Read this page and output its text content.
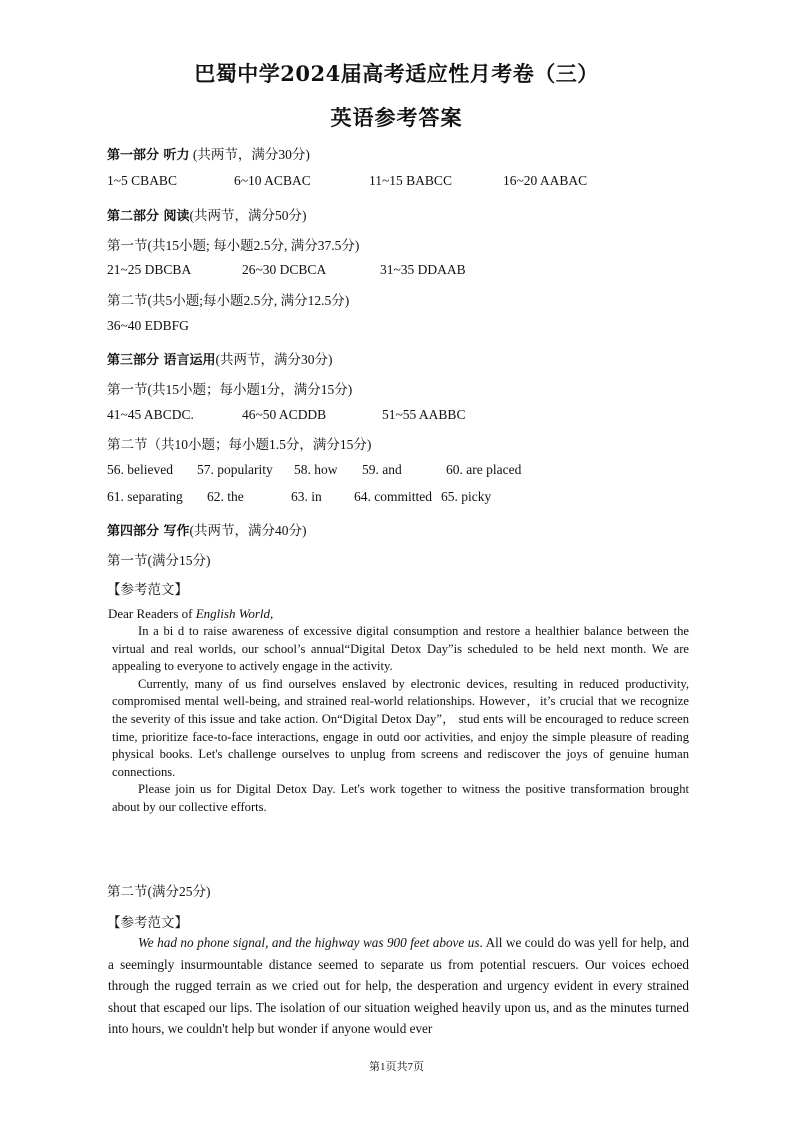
巴蜀中学2024届高考适应性月考卷（三）
英语参考答案
第一部分 听力 (共两节，满分30分)
1~5 CBABC	6~10 ACBAC	11~15 BABCC	16~20 AABAC
第二部分 阅读(共两节，满分50分)
第一节(共15小题; 每小题2.5分, 满分37.5分)
21~25 DBCBA	26~30 DCBCA	31~35 DDAAB
第二节(共5小题;每小题2.5分, 满分12.5分)
36~40 EDBFG
第三部分 语言运用(共两节，满分30分)
第一节(共15小题；每小题1分，满分15分)
41~45 ABCDC.	46~50 ACDDB	51~55 AABBC
第二节（共10小题；每小题1.5分，满分15分)
56. believed 57. popularity 58. how 59. and	60. are placed
61. separating 62. the	63. in 64. committed 65. picky
第四部分 写作(共两节，满分40分)
第一节(满分15分)
【参考范文】
Dear Readers of English World,

In a bi d to raise awareness of excessive digital consumption and restore a healthier balance between the virtual and real worlds, our school’s annual“Digital Detox Day”is scheduled to be held next month. We are appealing to everyone to actively engage in the activity.

Currently, many of us find ourselves enslaved by electronic devices, resulting in reduced productivity, compromised mental well-being, and strained real-world relationships. However，it’s crucial that we recognize the severity of this issue and take action. On“Digital Detox Day”， stud ents will be encouraged to reduce screen time, prioritize face-to-face interactions, engage in outd oor activities, and enjoy the simple pleasure of reading physical books. Let's challenge ourselves to unplug from screens and rediscover the joys of genuine human connections.

Please join us for Digital Detox Day. Let's work together to witness the positive transformation brought about by our collective efforts.

第二节(满分25分)
【参考范文】

We had no phone signal, and the highway was 900 feet above us. All we could do was yell for help, and a seemingly insurmountable distance seemed to separate us from potential rescuers. Our voices echoed through the rugged terrain as we cried out for help, the desperation and urgency evident in every strained shout that escaped our lips. The isolation of our situation weighed heavily upon us, and as the minutes turned into hours, we couldn't help but wonder if anyone would ever

第1页共7页
